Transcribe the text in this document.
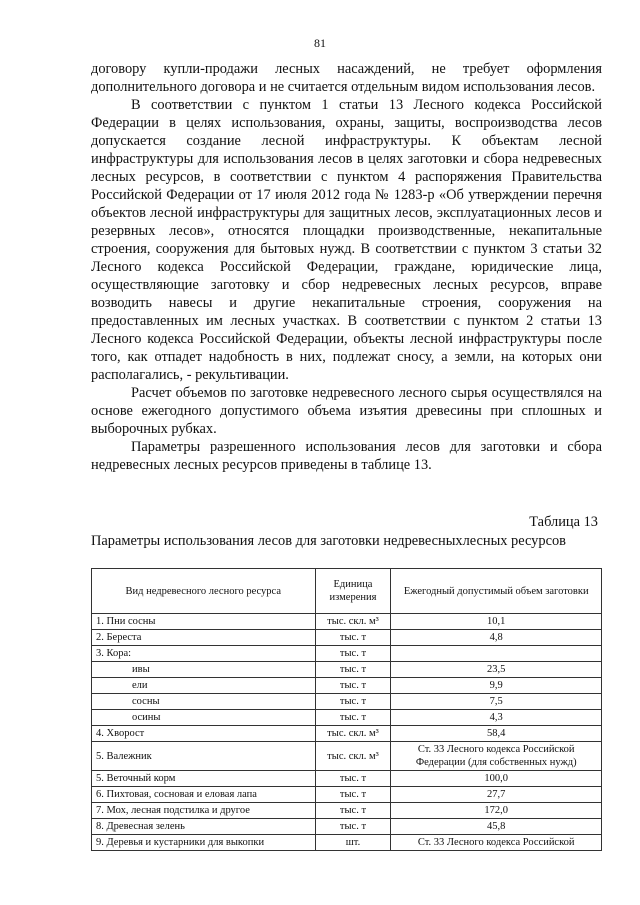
81

договору купли-продажи лесных насаждений, не требует оформления дополнительного договора и не считается отдельным видом использования лесов.

В соответствии с пунктом 1 статьи 13 Лесного кодекса Российской Федерации в целях использования, охраны, защиты, воспроизводства лесов допускается создание лесной инфраструктуры. К объектам лесной инфраструктуры для использования лесов в целях заготовки и сбора недревесных лесных ресурсов, в соответствии с пунктом 4 распоряжения Правительства Российской Федерации от 17 июля 2012 года № 1283-р «Об утверждении перечня объектов лесной инфраструктуры для защитных лесов, эксплуатационных лесов и резервных лесов», относятся площадки производственные, некапитальные строения, сооружения для бытовых нужд. В соответствии с пунктом 3 статьи 32 Лесного кодекса Российской Федерации, граждане, юридические лица, осуществляющие заготовку и сбор недревесных лесных ресурсов, вправе возводить навесы и другие некапитальные строения, сооружения на предоставленных им лесных участках. В соответствии с пунктом 2 статьи 13 Лесного кодекса Российской Федерации, объекты лесной инфраструктуры после того, как отпадет надобность в них, подлежат сносу, а земли, на которых они располагались, - рекультивации.

Расчет объемов по заготовке недревесного лесного сырья осуществлялся на основе ежегодного допустимого объема изъятия древесины при сплошных и выборочных рубках.

Параметры разрешенного использования лесов для заготовки и сбора недревесных лесных ресурсов приведены в таблице 13.

Таблица 13
Параметры использования лесов для заготовки недревесныхлесных ресурсов
Вид недревесного лесного ресурса	Единица измерения	Ежегодный допустимый объем заготовки
1. Пни сосны	тыс. скл. м³	10,1
2. Береста	тыс. т	4,8
3. Кора:	тыс. т	
ивы	тыс. т	23,5
ели	тыс. т	9,9
сосны	тыс. т	7,5
осины	тыс. т	4,3
4. Хворост	тыс. скл. м³	58,4
5. Валежник	тыс. скл. м³	Ст. 33 Лесного кодекса Российской Федерации (для собственных нужд)
5. Веточный корм	тыс. т	100,0
6. Пихтовая, сосновая и еловая лапа	тыс. т	27,7
7. Мох, лесная подстилка и другое	тыс. т	172,0
8. Древесная зелень	тыс. т	45,8
9. Деревья и кустарники для выкопки	шт.	Ст. 33 Лесного кодекса Российской
